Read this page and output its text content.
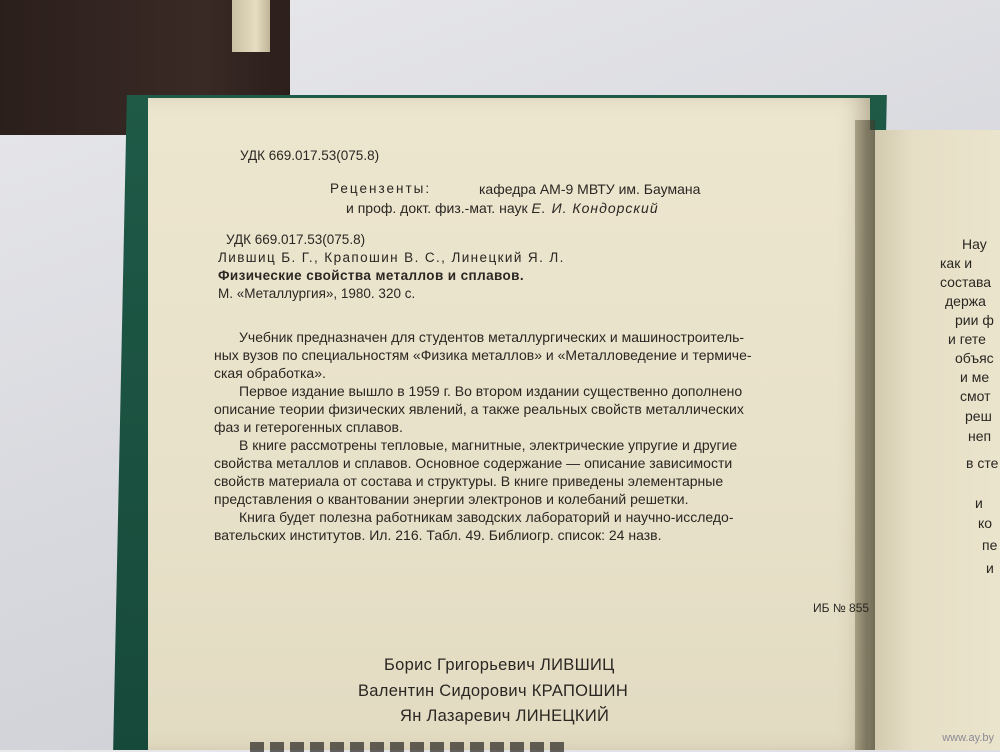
УДК 669.017.53(075.8)
Рецензенты:	кафедра АМ-9 МВТУ им. Баумана
и проф. докт. физ.-мат. наук Е. И. Кондорский
УДК 669.017.53(075.8)
Лившиц Б. Г., Крапошин В. С., Линецкий Я. Л.
Физические свойства металлов и сплавов.
М. «Металлургия», 1980. 320 с.
Учебник предназначен для студентов металлургических и машиностроитель-
ных вузов по специальностям «Физика металлов» и «Металловедение и термиче-
ская обработка».
Первое издание вышло в 1959 г. Во втором издании существенно дополнено
описание теории физических явлений, а также реальных свойств металлических
фаз и гетерогенных сплавов.
В книге рассмотрены тепловые, магнитные, электрические упругие и другие
свойства металлов и сплавов. Основное содержание — описание зависимости
свойств материала от состава и структуры. В книге приведены элементарные
представления о квантовании энергии электронов и колебаний решетки.
Книга будет полезна работникам заводских лабораторий и научно-исследо-
вательских институтов. Ил. 216. Табл. 49. Библиогр. список: 24 назв.
ИБ № 855
Борис Григорьевич ЛИВШИЦ
Валентин Сидорович КРАПОШИН
Ян Лазаревич ЛИНЕЦКИЙ
Нау
как и
состава
держа
рии ф
и гете
объяс
и ме
смот
реш
неп
в сте
и
ко
пе
и
www.ay.by
